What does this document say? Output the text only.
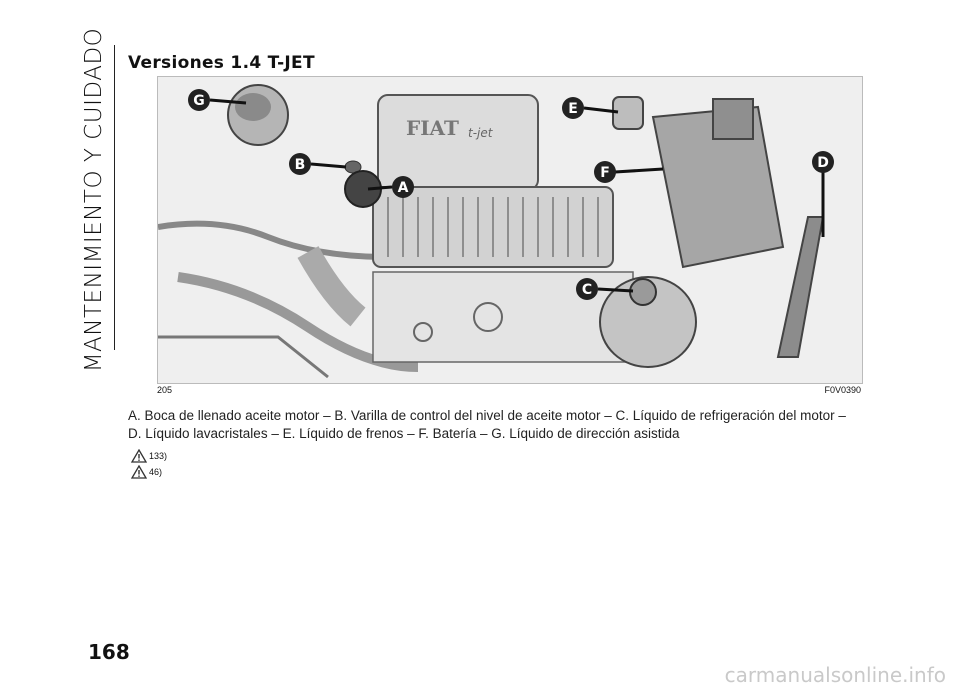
MANTENIMIENTO Y CUIDADO Versiones 1.4 T-JET
FIAT t-jet
G	E
B
A
F
D
C
205	F0V0390
A. Boca de llenado aceite motor – B. Varilla de control del nivel de aceite motor – C. Líquido de refrigeración del motor – D. Líquido lavacristales – E. Líquido de frenos – F. Batería – G. Líquido de dirección asistida
133)
46)
168
carmanualsonline.info
